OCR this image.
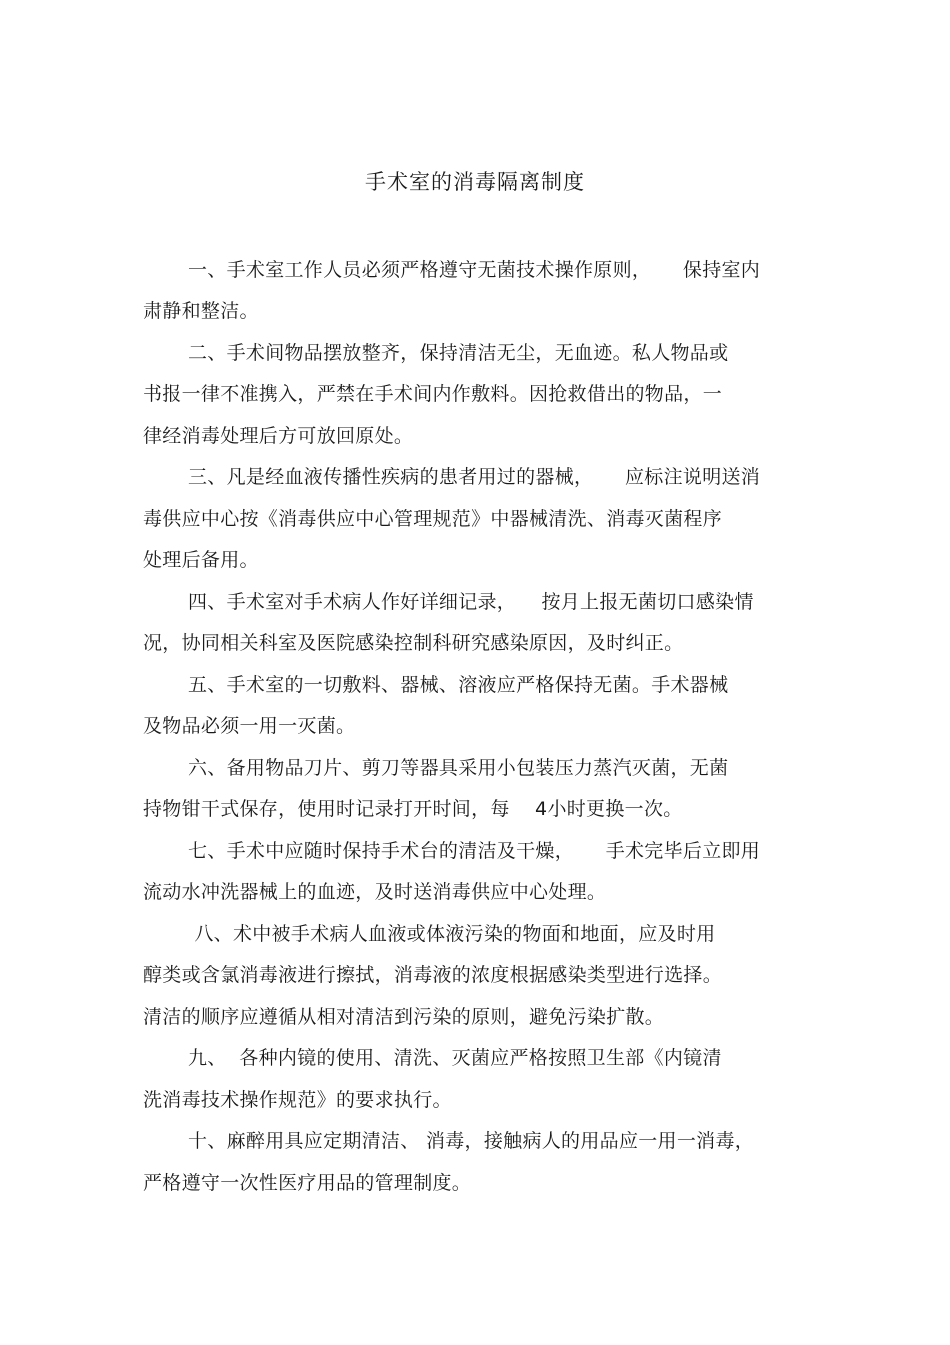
手术室的消毒隔离制度
一、手术室工作人员必须严格遵守无菌技术操作原则，     保持室内
肃静和整洁。
二、手术间物品摆放整齐，保持清洁无尘，无血迹。私人物品或
书报一律不准携入，严禁在手术间内作敷料。因抢救借出的物品，一
律经消毒处理后方可放回原处。
三、凡是经血液传播性疾病的患者用过的器械，     应标注说明送消
毒供应中心按《消毒供应中心管理规范》中器械清洗、消毒灭菌程序
处理后备用。
四、手术室对手术病人作好详细记录，    按月上报无菌切口感染情
况，协同相关科室及医院感染控制科研究感染原因，及时纠正。
五、手术室的一切敷料、器械、溶液应严格保持无菌。手术器械
及物品必须一用一灭菌。
六、备用物品刀片、剪刀等器具采用小包装压力蒸汽灭菌，无菌
持物钳干式保存，使用时记录打开时间，每    4小时更换一次。
七、手术中应随时保持手术台的清洁及干燥，     手术完毕后立即用
流动水冲洗器械上的血迹，及时送消毒供应中心处理。
八、术中被手术病人血液或体液污染的物面和地面，应及时用
醇类或含氯消毒液进行擦拭，消毒液的浓度根据感染类型进行选择。
清洁的顺序应遵循从相对清洁到污染的原则，避免污染扩散。
九、  各种内镜的使用、清洗、灭菌应严格按照卫生部《内镜清
洗消毒技术操作规范》的要求执行。
十、麻醉用具应定期清洁、 消毒，接触病人的用品应一用一消毒，
严格遵守一次性医疗用品的管理制度。
